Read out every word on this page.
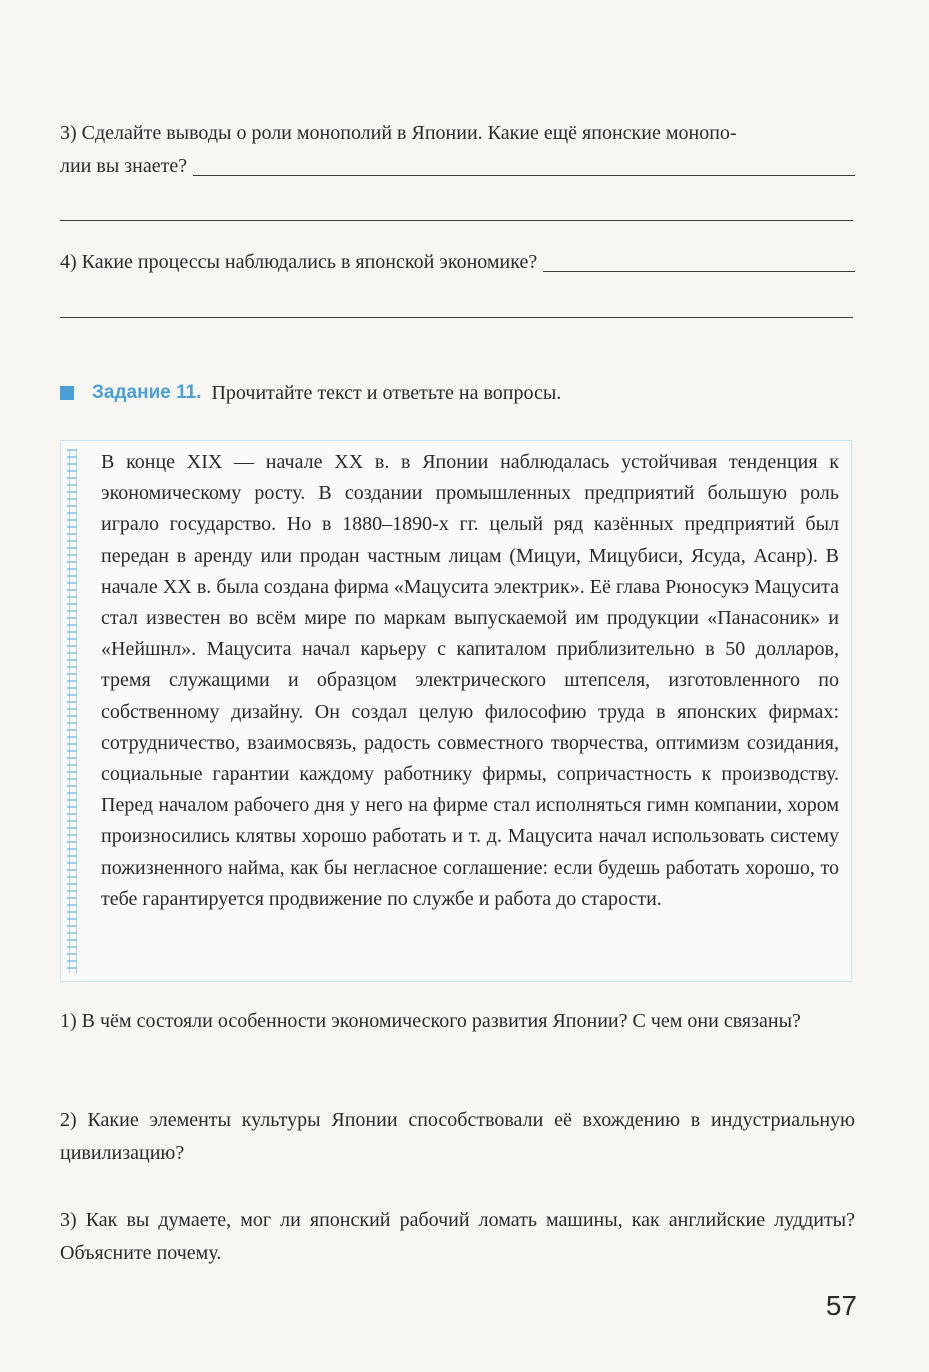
3) Сделайте выводы о роли монополий в Японии. Какие ещё японские монопо-
лии вы знаете?
4) Какие процессы наблюдались в японской экономике?
Задание 11. Прочитайте текст и ответьте на вопросы.
В конце XIX — начале XX в. в Японии наблюдалась устойчивая тенденция к экономическому росту. В создании промышленных предприятий большую роль играло государство. Но в 1880–1890-х гг. целый ряд казённых предприятий был передан в аренду или продан частным лицам (Мицуи, Мицубиси, Ясуда, Асанр). В начале XX в. была создана фирма «Мацусита электрик». Её глава Рюносукэ Мацусита стал известен во всём мире по маркам выпускаемой им продукции «Панасоник» и «Нейшнл». Мацусита начал карьеру с капиталом приблизительно в 50 долларов, тремя служащими и образцом электрического штепселя, изготовленного по собственному дизайну. Он создал целую философию труда в японских фирмах: сотрудничество, взаимосвязь, радость совместного творчества, оптимизм созидания, социальные гарантии каждому работнику фирмы, сопричастность к производству. Перед началом рабочего дня у него на фирме стал исполняться гимн компании, хором произносились клятвы хорошо работать и т. д. Мацусита начал использовать систему пожизненного найма, как бы негласное соглашение: если будешь работать хорошо, то тебе гарантируется продвижение по службе и работа до старости.
1) В чём состояли особенности экономического развития Японии? С чем они связаны?
2) Какие элементы культуры Японии способствовали её вхождению в индустриальную цивилизацию?
3) Как вы думаете, мог ли японский рабочий ломать машины, как английские луддиты? Объясните почему.
57
